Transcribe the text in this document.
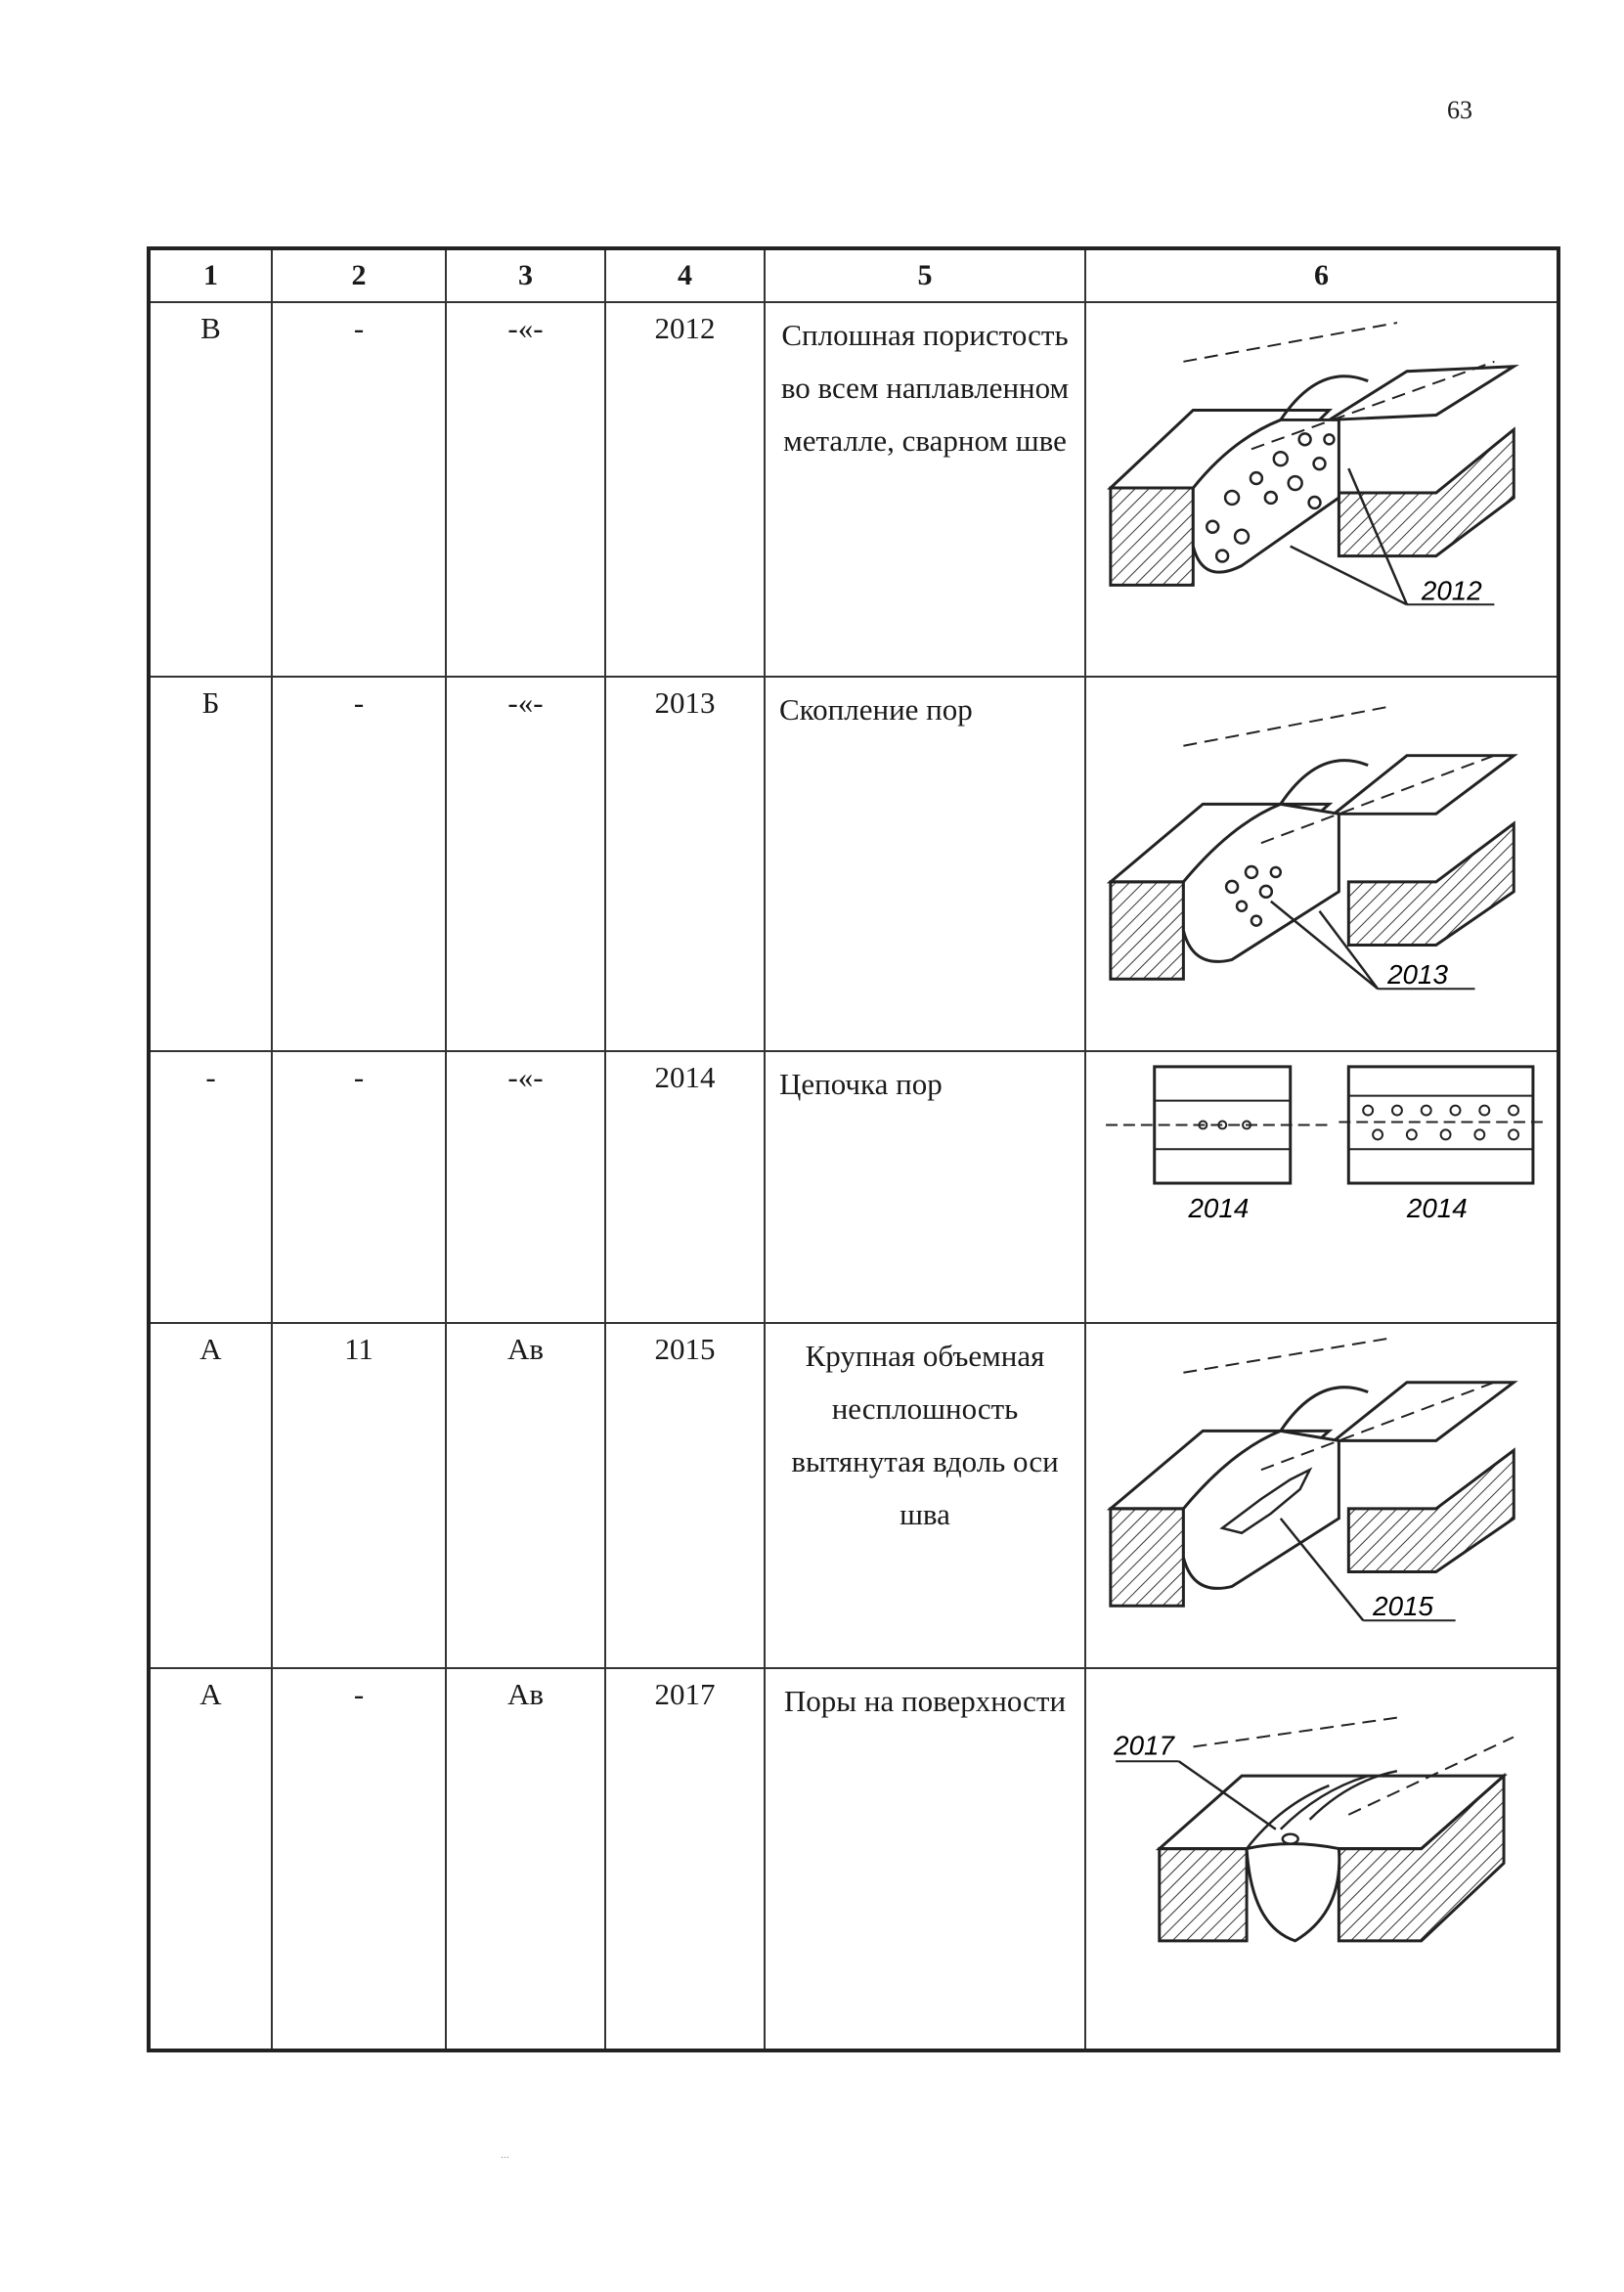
63
1	2	3	4	5	6

В	-	-«-	2012	Сплошная пористость во всем наплавленном металле, сварном шве	2012

Б	-	-«-	2013	Скопление пор	2013

-	-	-«-	2014	Цепочка пор	2014 2014

А	11	Ав	2015	Крупная объемная несплошность вытянутая вдоль оси шва	2015

А	-	Ав	2017	Поры на поверхности	2017
...
